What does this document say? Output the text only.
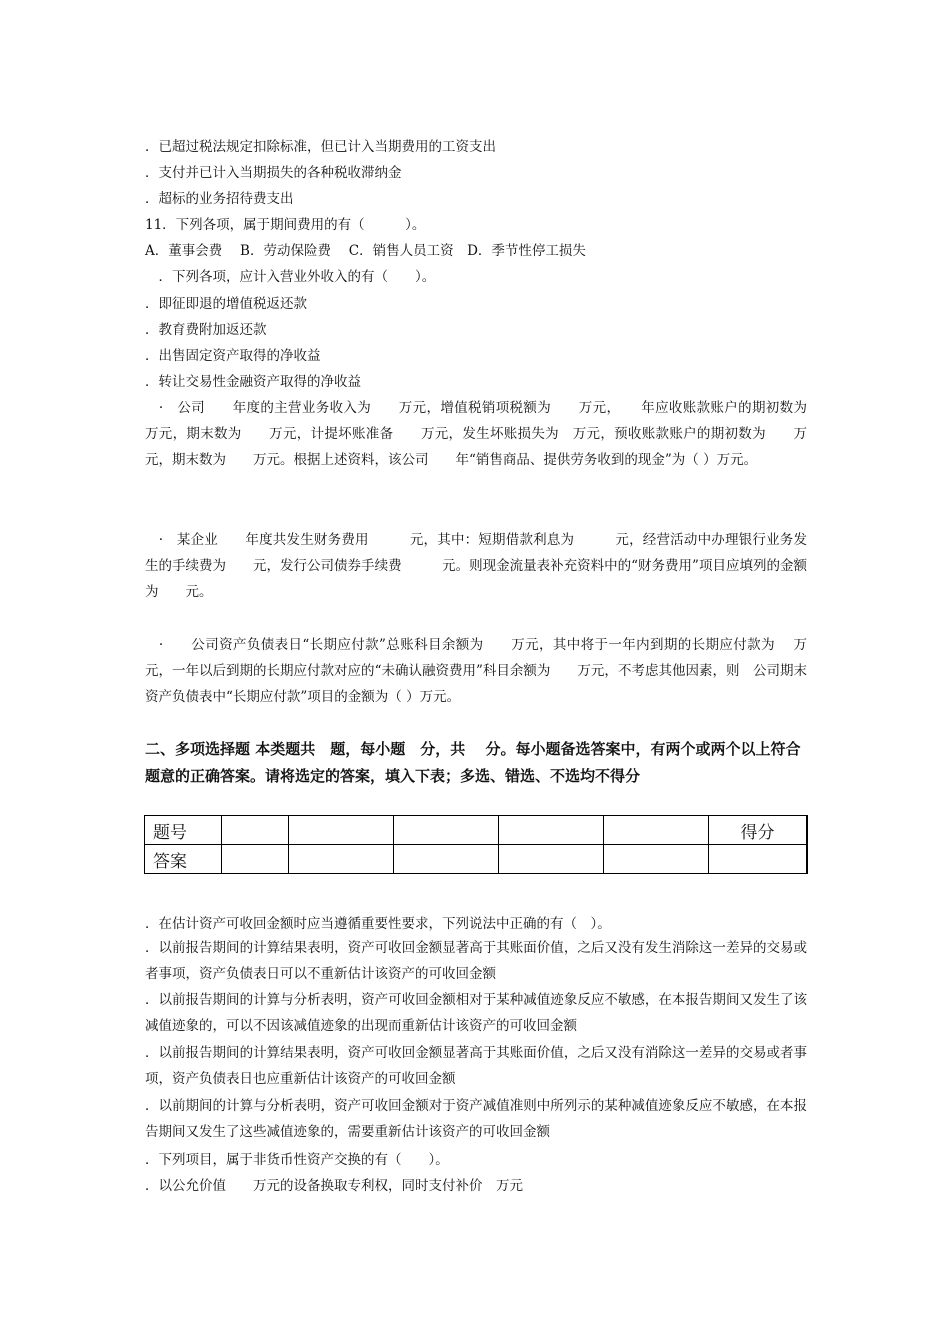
．已超过税法规定扣除标准，但已计入当期费用的工资支出
．支付并已计入当期损失的各种税收滞纳金
．超标的业务招待费支出
11．下列各项，属于期间费用的有（　　　）。
A．董事会费　 B．劳动保险费　 C．销售人员工资　D．季节性停工损失
　．下列各项，应计入营业外收入的有（　　）。
．即征即退的增值税返还款
．教育费附加返还款
．出售固定资产取得的净收益
．转让交易性金融资产取得的净收益
　·　公司　　年度的主营业务收入为　　万元，增值税销项税额为　　万元，　　年应收账款账户的期初数为　　万元，期末数为　　万元，计提坏账准备　　万元，发生坏账损失为　万元，预收账款账户的期初数为　　万元，期末数为　　万元。根据上述资料，该公司　　年“销售商品、提供劳务收到的现金”为（ ）万元。
　·　某企业　　年度共发生财务费用　　　元，其中：短期借款利息为　　　元，经营活动中办理银行业务发生的手续费为　　元，发行公司债券手续费　　　元。则现金流量表补充资料中的“财务费用”项目应填列的金额为　　元。
　·　　公司资产负债表日“长期应付款”总账科目余额为　　万元，其中将于一年内到期的长期应付款为　 万元，一年以后到期的长期应付款对应的“未确认融资费用”科目余额为　　万元，不考虑其他因素，则　公司期末资产负债表中“长期应付款”项目的金额为（ ）万元。
二、多项选择题 本类题共　题，每小题　分，共　 分。每小题备选答案中，有两个或两个以上符合题意的正确答案。请将选定的答案，填入下表；多选、错选、不选均不得分
题号						得分
答案						
．在估计资产可收回金额时应当遵循重要性要求，下列说法中正确的有（　）。
．以前报告期间的计算结果表明，资产可收回金额显著高于其账面价值，之后又没有发生消除这一差异的交易或者事项，资产负债表日可以不重新估计该资产的可收回金额
．以前报告期间的计算与分析表明，资产可收回金额相对于某种减值迹象反应不敏感，在本报告期间又发生了该减值迹象的，可以不因该减值迹象的出现而重新估计该资产的可收回金额
．以前报告期间的计算结果表明，资产可收回金额显著高于其账面价值，之后又没有消除这一差异的交易或者事项，资产负债表日也应重新估计该资产的可收回金额
．以前期间的计算与分析表明，资产可收回金额对于资产减值准则中所列示的某种减值迹象反应不敏感，在本报告期间又发生了这些减值迹象的，需要重新估计该资产的可收回金额
．下列项目，属于非货币性资产交换的有（　　）。
．以公允价值　　万元的设备换取专利权，同时支付补价　万元
